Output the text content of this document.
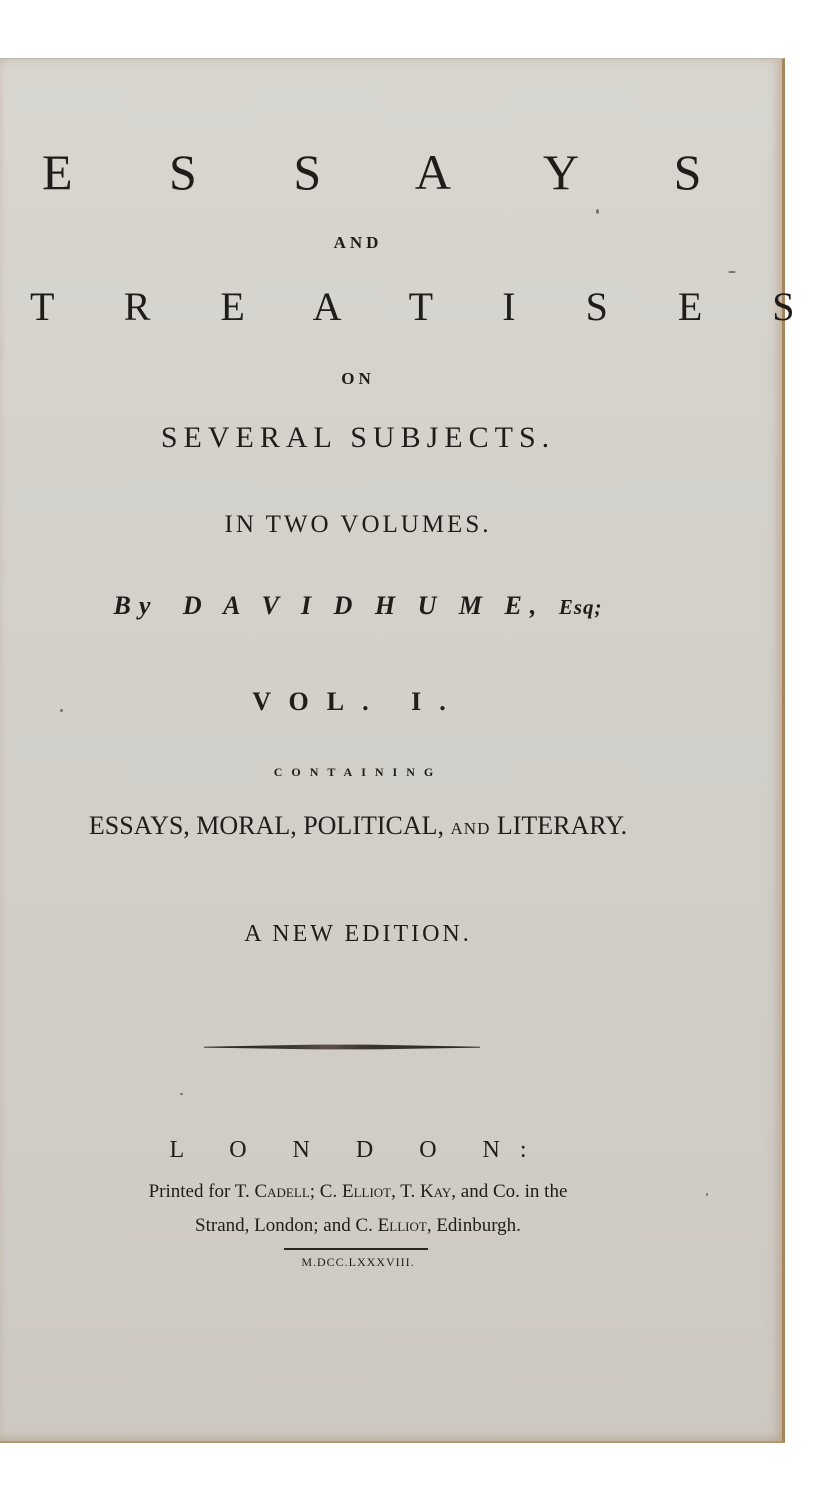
E S S A Y S
AND
T R E A T I S E S
ON
SEVERAL SUBJECTS.
IN TWO VOLUMES.
By D A V I D H U M E, Esq;
VOL. I.
CONTAINING
ESSAYS, MORAL, POLITICAL, AND LITERARY.
A NEW EDITION.
L O N D O N:
Printed for T. Cadell; C. Elliot, T. Kay, and Co. in the
Strand, London; and C. Elliot, Edinburgh.
M.DCC.LXXXVIII.
